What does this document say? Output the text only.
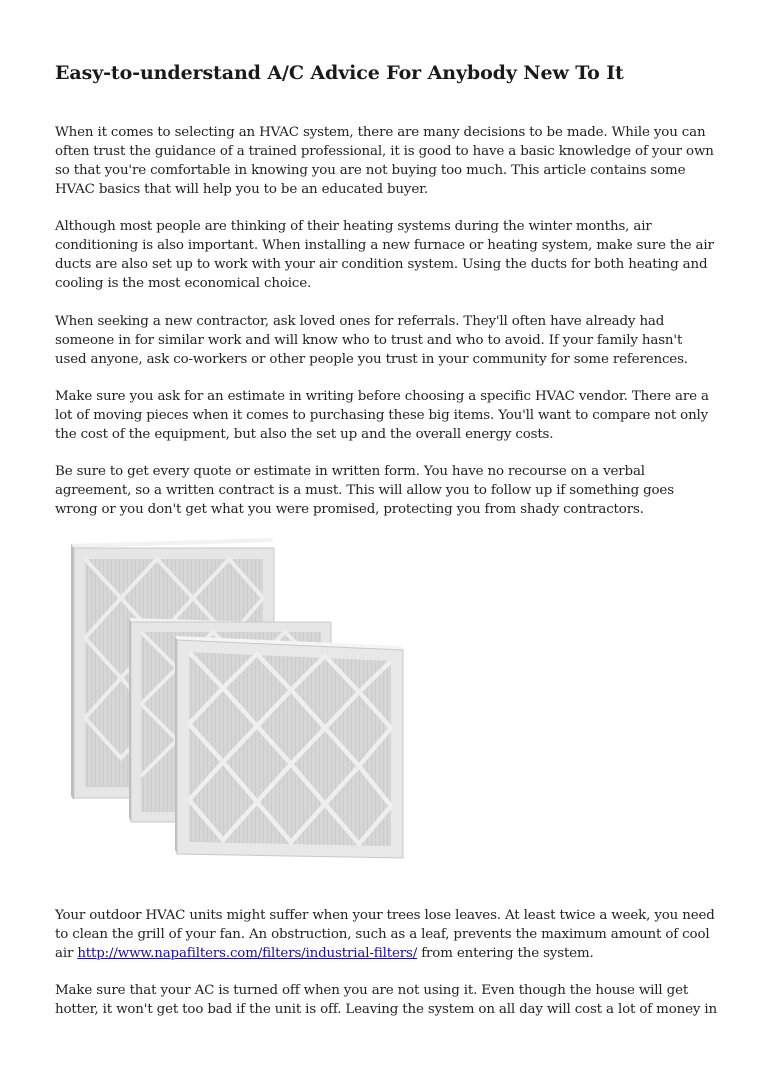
Easy-to-understand A/C Advice For Anybody New To It

When it comes to selecting an HVAC system, there are many decisions to be made. While you can often trust the guidance of a trained professional, it is good to have a basic knowledge of your own so that you're comfortable in knowing you are not buying too much. This article contains some HVAC basics that will help you to be an educated buyer.

Although most people are thinking of their heating systems during the winter months, air conditioning is also important. When installing a new furnace or heating system, make sure the air ducts are also set up to work with your air condition system. Using the ducts for both heating and cooling is the most economical choice.

When seeking a new contractor, ask loved ones for referrals. They'll often have already had someone in for similar work and will know who to trust and who to avoid. If your family hasn't used anyone, ask co-workers or other people you trust in your community for some references.

Make sure you ask for an estimate in writing before choosing a specific HVAC vendor. There are a lot of moving pieces when it comes to purchasing these big items. You'll want to compare not only the cost of the equipment, but also the set up and the overall energy costs.

Be sure to get every quote or estimate in written form. You have no recourse on a verbal agreement, so a written contract is a must. This will allow you to follow up if something goes wrong or you don't get what you were promised, protecting you from shady contractors.

Your outdoor HVAC units might suffer when your trees lose leaves. At least twice a week, you need to clean the grill of your fan. An obstruction, such as a leaf, prevents the maximum amount of cool air http://www.napafilters.com/filters/industrial-filters/ from entering the system.

Make sure that your AC is turned off when you are not using it. Even though the house will get hotter, it won't get too bad if the unit is off. Leaving the system on all day will cost a lot of money in
